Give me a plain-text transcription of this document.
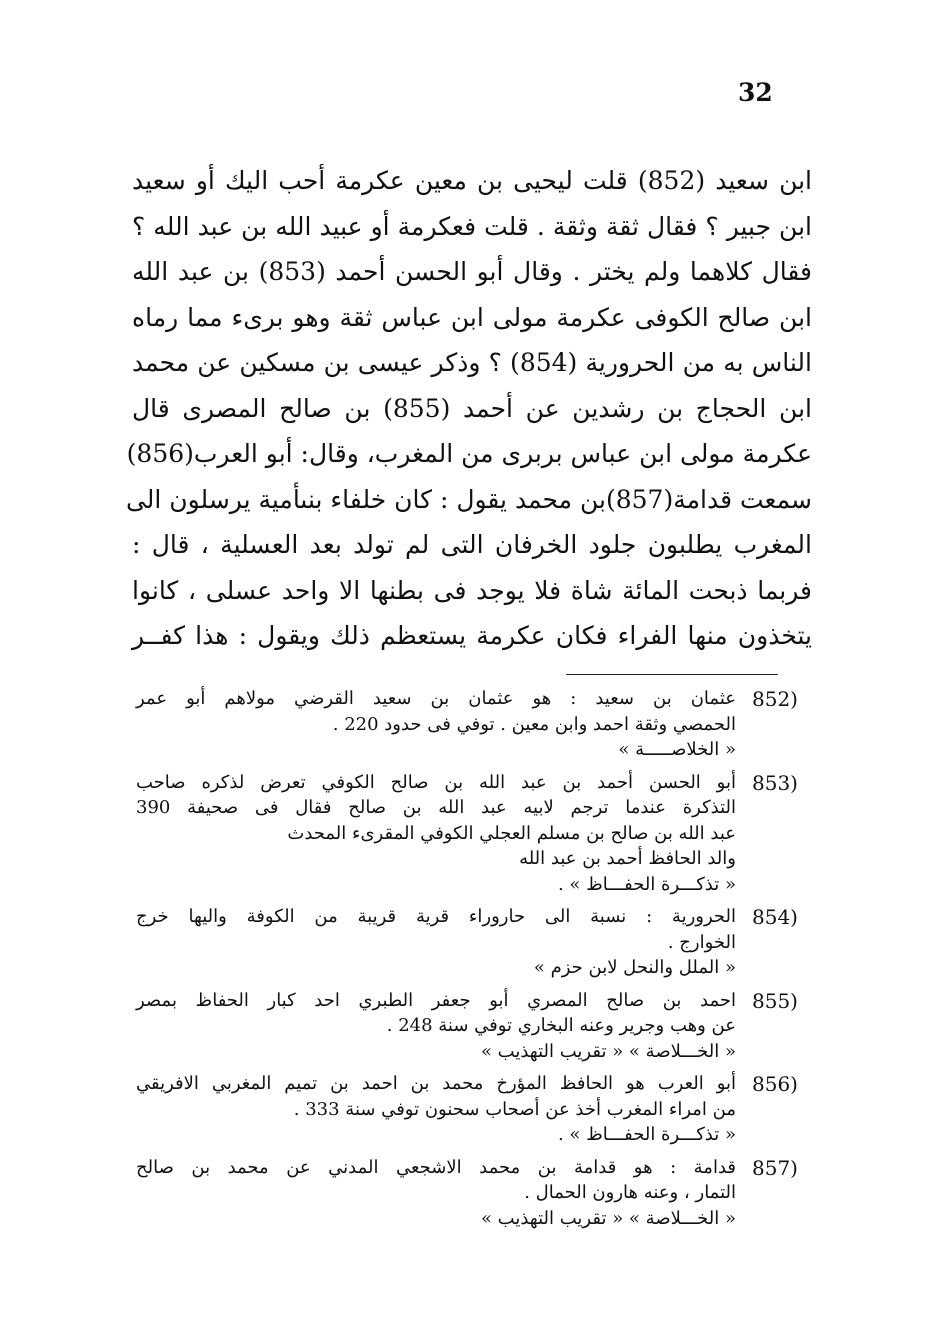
32
ابن سعيد (852) قلت ليحيى بن معين عكرمة أحب اليك أو سعيد
ابن جبير ؟ فقال ثقة وثقة . قلت فعكرمة أو عبيد الله بن عبد الله ؟
فقال كلاهما ولم يختر . وقال أبو الحسن أحمد (853) بن عبد الله
ابن صالح الكوفى عكرمة مولى ابن عباس ثقة وهو برىء مما رماه
الناس به من الحرورية (854) ؟ وذكر عيسى بن مسكين عن محمد
ابن الحجاج بن رشدين عن أحمد (855) بن صالح المصرى قال
عكرمة مولى ابن عباس بربرى من المغرب، وقال: أبو العرب(856)
سمعت قدامة(857)بن محمد يقول : كان خلفاء بنىأمية يرسلون الى
المغرب يطلبون جلود الخرفان التى لم تولد بعد العسلية ، قال :
فربما ذبحت المائة شاة فلا يوجد فى بطنها الا واحد عسلى ، كانوا
يتخذون منها الفراء فكان عكرمة يستعظم ذلك ويقول : هذا كفــر
852)
عثمان بن سعيد : هو عثمان بن سعيد القرضي مولاهم أبو عمر
الحمصي وثقة احمد وابن معين . توفي فى حدود 220 .
« الخلاصـــــة »
853)
أبو الحسن أحمد بن عبد الله بن صالح الكوفي تعرض لذكره صاحب
التذكرة عندما ترجم لابيه عبد الله بن صالح فقال فى صحيفة 390
عبد الله بن صالح بن مسلم العجلي الكوفي المقرىء المحدث
والد الحافظ أحمد بن عبد الله
« تذكـــرة الحفـــاظ » .
854)
الحرورية : نسبة الى حاروراء قرية قريبة من الكوفة واليها خرج
الخوارج .
« الملل والنحل لابن حزم »
855)
احمد بن صالح المصري أبو جعفر الطبري احد كبار الحفاظ بمصر
عن وهب وجرير وعنه البخاري توفي سنة 248 .
« الخـــلاصة » « تقريب التهذيب »
856)
أبو العرب هو الحافظ المؤرخ محمد بن احمد بن تميم المغربي الافريقي
من امراء المغرب أخذ عن أصحاب سحنون توفي سنة 333 .
« تذكـــرة الحفـــاظ » .
857)
قدامة : هو قدامة بن محمد الاشجعي المدني عن محمد بن صالح
التمار ، وعنه هارون الحمال .
« الخـــلاصة » « تقريب التهذيب »
